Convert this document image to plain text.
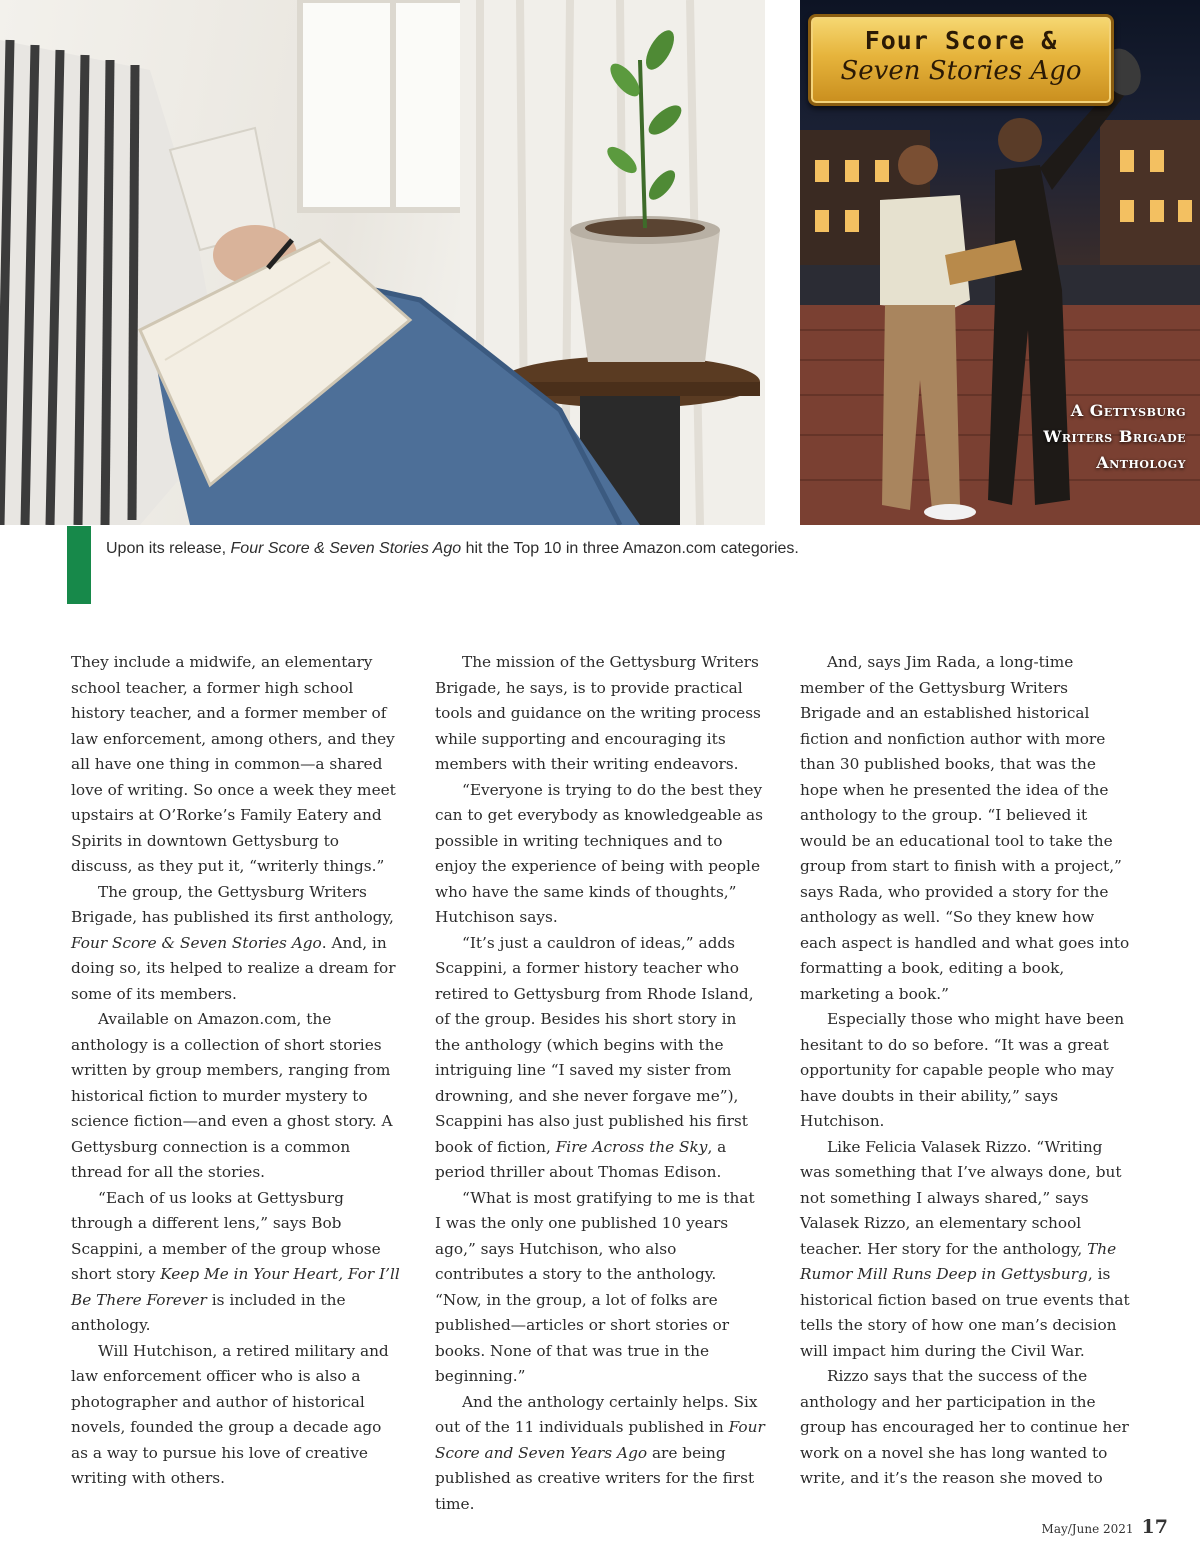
Four Score &
Seven Stories Ago
A Gettysburg
Writers Brigade
Anthology
Upon its release, Four Score & Seven Stories Ago hit the Top 10 in three Amazon.com categories.

They include a midwife, an elementary school teacher, a former high school history teacher, and a former member of law enforcement, among others, and they all have one thing in common—a shared love of writing. So once a week they meet upstairs at O’Rorke’s Family Eatery and Spirits in downtown Gettysburg to discuss, as they put it, “writerly things.”

The group, the Gettysburg Writers Brigade, has published its first anthology, Four Score & Seven Stories Ago. And, in doing so, its helped to realize a dream for some of its members.

Available on Amazon.com, the anthology is a collection of short stories written by group members, ranging from historical fiction to murder mystery to science fiction—and even a ghost story. A Gettysburg connection is a common thread for all the stories.

“Each of us looks at Gettysburg through a different lens,” says Bob Scappini, a member of the group whose short story Keep Me in Your Heart, For I’ll Be There Forever is included in the anthology.

Will Hutchison, a retired military and law enforcement officer who is also a photographer and author of historical novels, founded the group a decade ago as a way to pursue his love of creative writing with others.

The mission of the Gettysburg Writers Brigade, he says, is to provide practical tools and guidance on the writing process while supporting and encouraging its members with their writing endeavors.

“Everyone is trying to do the best they can to get everybody as knowledgeable as possible in writing techniques and to enjoy the experience of being with people who have the same kinds of thoughts,” Hutchison says.

“It’s just a cauldron of ideas,” adds Scappini, a former history teacher who retired to Gettysburg from Rhode Island, of the group. Besides his short story in the anthology (which begins with the intriguing line “I saved my sister from drowning, and she never forgave me”), Scappini has also just published his first book of fiction, Fire Across the Sky, a period thriller about Thomas Edison.

“What is most gratifying to me is that I was the only one published 10 years ago,” says Hutchison, who also contributes a story to the anthology. “Now, in the group, a lot of folks are published—articles or short stories or books. None of that was true in the beginning.”

And the anthology certainly helps. Six out of the 11 individuals published in Four Score and Seven Years Ago are being published as creative writers for the first time.

And, says Jim Rada, a long-time member of the Gettysburg Writers Brigade and an established historical fiction and nonfiction author with more than 30 published books, that was the hope when he presented the idea of the anthology to the group. “I believed it would be an educational tool to take the group from start to finish with a project,” says Rada, who provided a story for the anthology as well. “So they knew how each aspect is handled and what goes into formatting a book, editing a book, marketing a book.”

Especially those who might have been hesitant to do so before. “It was a great opportunity for capable people who may have doubts in their ability,” says Hutchison.

Like Felicia Valasek Rizzo. “Writing was something that I’ve always done, but not something I always shared,” says Valasek Rizzo, an elementary school teacher. Her story for the anthology, The Rumor Mill Runs Deep in Gettysburg, is historical fiction based on true events that tells the story of how one man’s decision will impact him during the Civil War.

Rizzo says that the success of the anthology and her participation in the group has encouraged her to continue her work on a novel she has long wanted to write, and it’s the reason she moved to

May/June 2021 17
